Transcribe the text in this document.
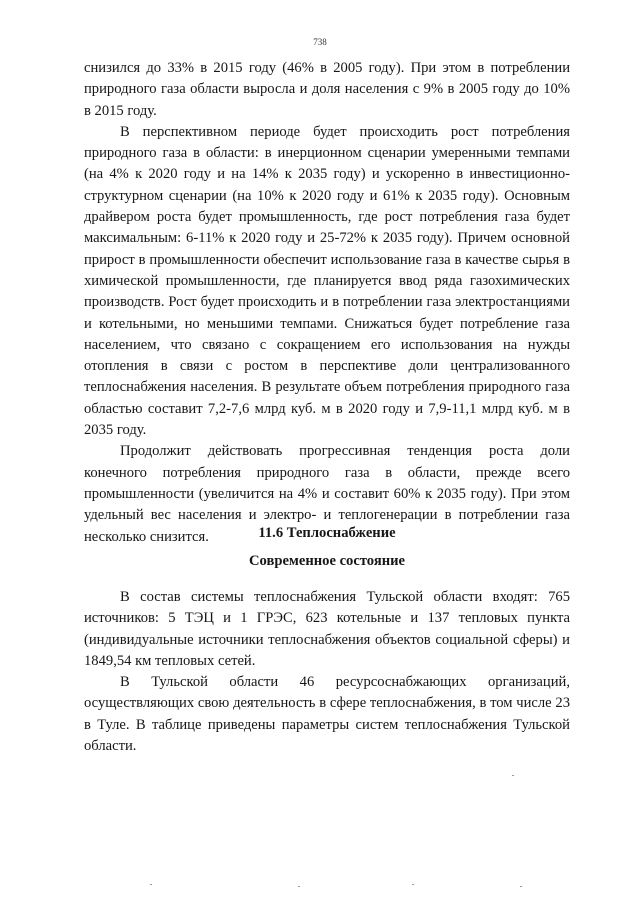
738

снизился до 33% в 2015 году (46% в 2005 году). При этом в потреблении природного газа области выросла и доля населения с 9% в 2005 году до 10% в 2015 году.

В перспективном периоде будет происходить рост потребления природного газа в области: в инерционном сценарии умеренными темпами (на 4% к 2020 году и на 14% к 2035 году) и ускоренно в инвестиционно-структурном сценарии (на 10% к 2020 году и 61% к 2035 году). Основным драйвером роста будет промышленность, где рост потребления газа будет максимальным: 6-11% к 2020 году и 25-72% к 2035 году). Причем основной прирост в промышленности обеспечит использование газа в качестве сырья в химической промышленности, где планируется ввод ряда газохимических производств. Рост будет происходить и в потреблении газа электростанциями и котельными, но меньшими темпами. Снижаться будет потребление газа населением, что связано с сокращением его использования на нужды отопления в связи с ростом в перспективе доли централизованного теплоснабжения населения. В результате объем потребления природного газа областью составит 7,2-7,6 млрд куб. м в 2020 году и 7,9-11,1 млрд куб. м в 2035 году.

Продолжит действовать прогрессивная тенденция роста доли конечного потребления природного газа в области, прежде всего промышленности (увеличится на 4% и составит 60% к 2035 году). При этом удельный вес населения и электро- и теплогенерации в потреблении газа несколько снизится.	11.6 Теплоснабжение
Современное состояние

В состав системы теплоснабжения Тульской области входят: 765 источников: 5 ТЭЦ и 1 ГРЭС, 623 котельные и 137 тепловых пункта (индивидуальные источники теплоснабжения объектов социальной сферы) и 1849,54 км тепловых сетей.

В Тульской области 46 ресурсоснабжающих организаций, осуществляющих свою деятельность в сфере теплоснабжения, в том числе 23 в Туле. В таблице приведены параметры систем теплоснабжения Тульской области.
